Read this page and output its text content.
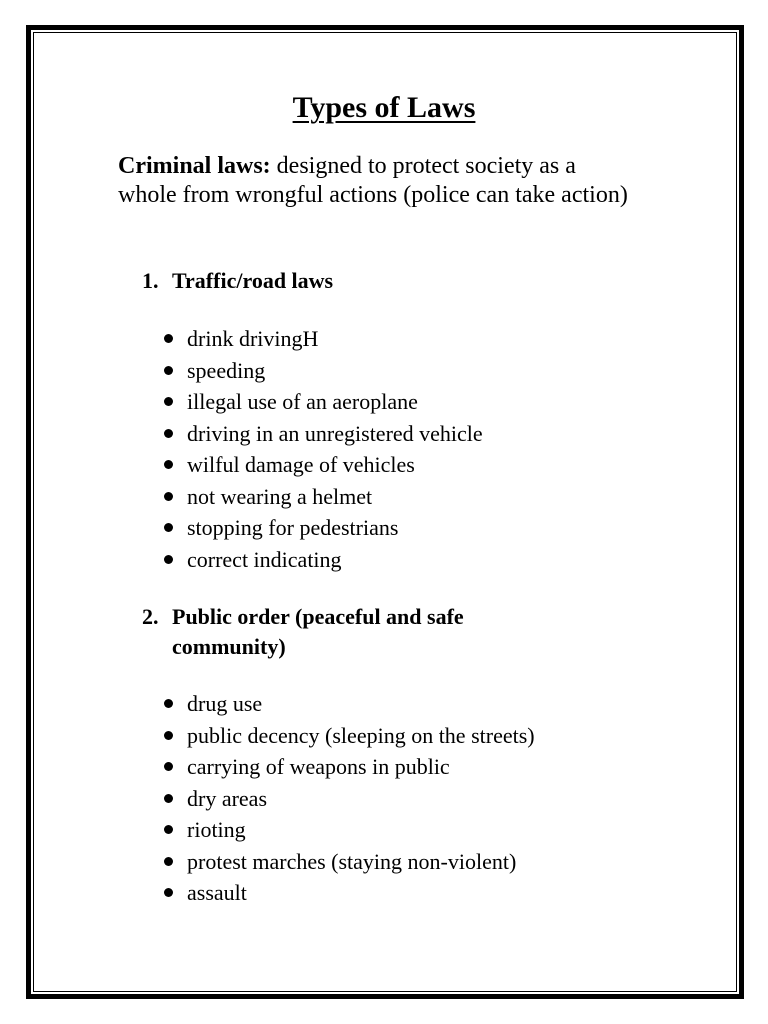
Types of Laws

Criminal laws: designed to protect society as a whole from wrongful actions (police can take action)

1. Traffic/road laws
drink drivingH
speeding
illegal use of an aeroplane
driving in an unregistered vehicle
wilful damage of vehicles
not wearing a helmet
stopping for pedestrians
correct indicating
2. Public order (peaceful and safe community)
drug use
public decency (sleeping on the streets)
carrying of weapons in public
dry areas
rioting
protest marches (staying non-violent)
assault
